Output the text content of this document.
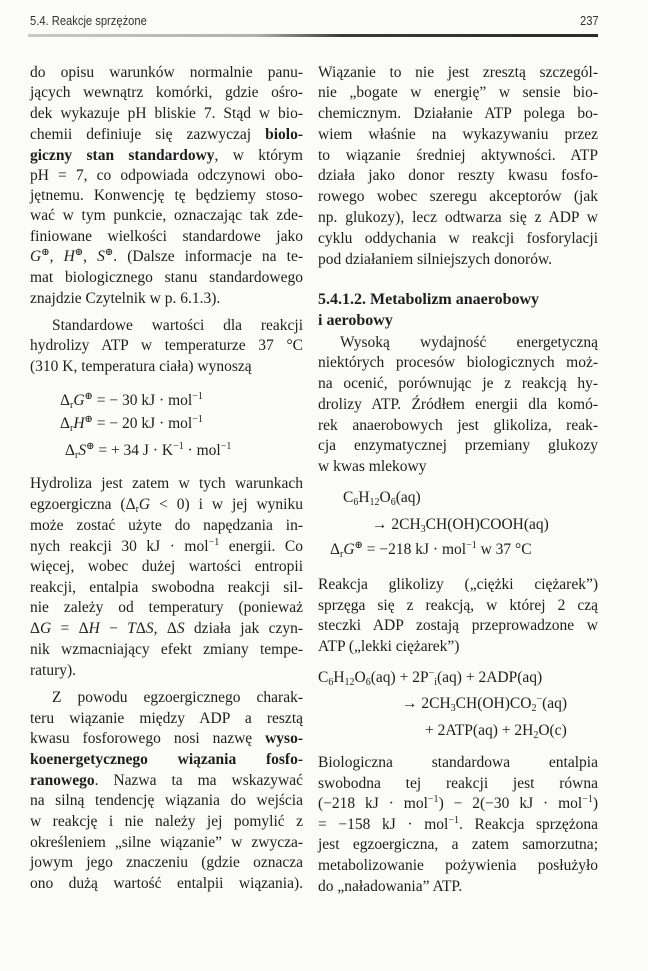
5.4. Reakcje sprzężone	237
do opisu warunków normalnie panu-
jących wewnątrz komórki, gdzie ośro-
dek wykazuje pH bliskie 7. Stąd w bio-
chemii definiuje się zazwyczaj biolo-
giczny stan standardowy, w którym
pH = 7, co odpowiada odczynowi obo-
jętnemu. Konwencję tę będziemy stoso-
wać w tym punkcie, oznaczając tak zde-
finiowane wielkości standardowe jako
G⊕, H⊕, S⊕. (Dalsze informacje na te-
mat biologicznego stanu standardowego
znajdzie Czytelnik w p. 6.1.3).
Standardowe wartości dla reakcji
hydrolizy ATP w temperaturze 37 °C
(310 K, temperatura ciała) wynoszą
$\Delta_rG^\oplus$ = − 30 kJ · mol$^{-1}$
$\Delta_rH^\oplus$ = − 20 kJ · mol$^{-1}$
$\Delta_rS^\oplus$ = + 34 $J \cdot K^{-1} \cdot mol^{-1}$
Hydroliza jest zatem w tych warunkach
egzoergiczna $(\Delta_rG < 0)$ i w jej wyniku
może zostać użyte do napędzania in-
nych reakcji 30 kJ · mol$^{-1}$ energii. Co
więcej, wobec dużej wartości entropii
reakcji, entalpia swobodna reakcji sil-
nie zależy od temperatury (ponieważ
ΔG = ΔH − TΔS, ΔS działa jak czyn-
nik wzmacniający efekt zmiany tempe-
ratury).
Z powodu egzoergicznego charak-
teru wiązanie między ADP a resztą
kwasu fosforowego nosi nazwę wyso-
koenergetycznego wiązania fosfo-
ranowego. Nazwa ta ma wskazywać
na silną tendencję wiązania do wejścia
w reakcję i nie należy jej pomylić z
określeniem „silne wiązanie” w zwycza-
jowym jego znaczeniu (gdzie oznacza
ono dużą wartość entalpii wiązania).
Wiązanie to nie jest zresztą szczegól-
nie „bogate w energię” w sensie bio-
chemicznym. Działanie ATP polega bo-
wiem właśnie na wykazywaniu przez
to wiązanie średniej aktywności. ATP
działa jako donor reszty kwasu fosfo-
rowego wobec szeregu akceptorów (jak
np. glukozy), lecz odtwarza się z ADP w
cyklu oddychania w reakcji fosforylacji
pod działaniem silniejszych donorów.
5.4.1.2. Metabolizm anaerobowy
i aerobowy
Wysoką wydajność energetyczną
niektórych procesów biologicznych moż-
na ocenić, porównując je z reakcją hy-
drolizy ATP. Źródłem energii dla komó-
rek anaerobowych jest glikoliza, reak-
cja enzymatycznej przemiany glukozy
w kwas mlekowy
$C_6H_{12}O_6(aq)$
→ $2CH_3CH(OH)COOH(aq)$
$\Delta_rG^\oplus = -218$ kJ · mol$^{-1}$ w 37 °C
Reakcja glikolizy („ciężki ciężarek”)
sprzęga się z reakcją, w której 2 czą
steczki ADP zostają przeprowadzone w
ATP („lekki ciężarek”)
$C_6H_{12}O_6(aq) + 2P^-_i(aq) + 2ADP(aq)$
→ $2CH_3CH(OH)CO_2^-(aq)$
+ $2ATP(aq) + 2H_2O(c)$
Biologiczna standardowa entalpia
swobodna tej reakcji jest równa
(−218 kJ · mol$^{-1}$) − 2(−30 kJ · mol$^{-1}$)
= −158 kJ · mol$^{-1}$. Reakcja sprzężona
jest egzoergiczna, a zatem samorzutna;
metabolizowanie pożywienia posłużyło
do „naładowania” ATP.
